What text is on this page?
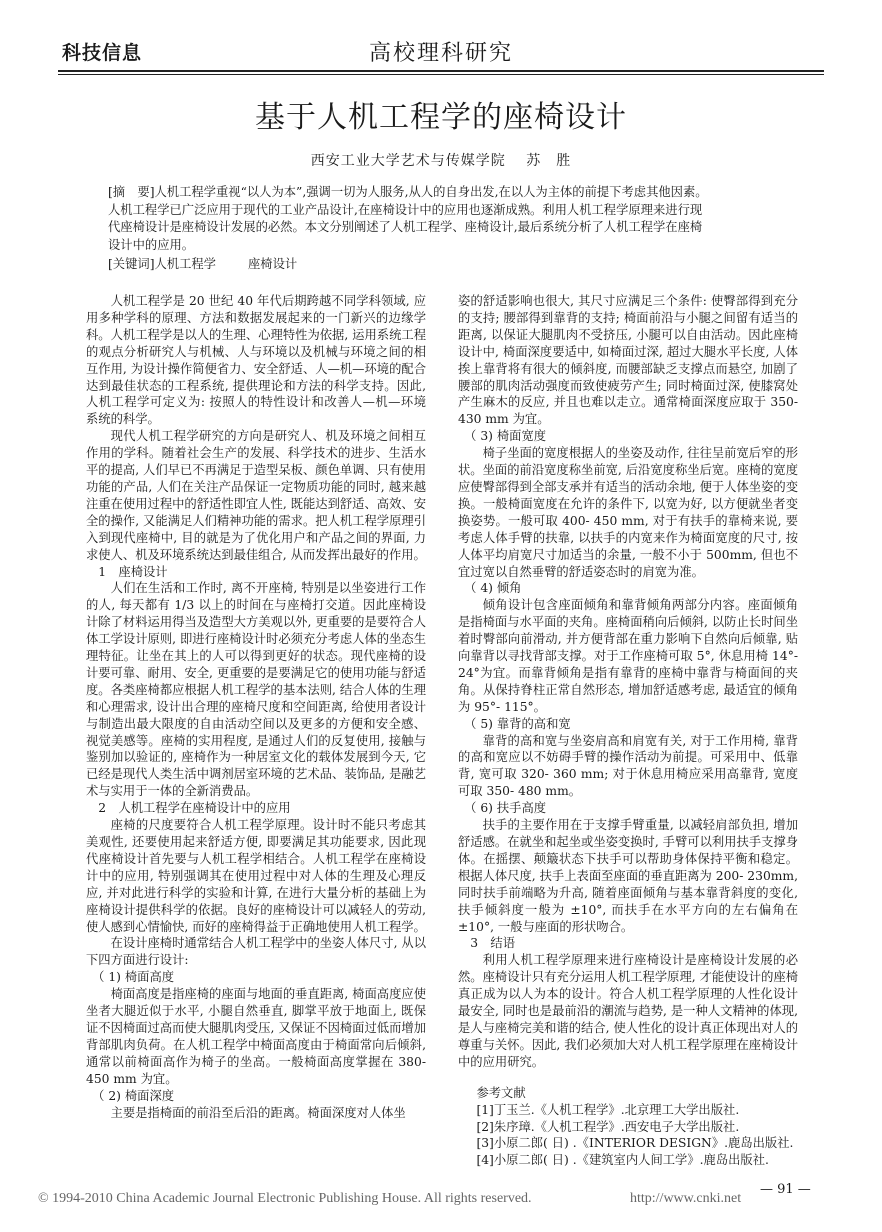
科技信息	高校理科研究
基于人机工程学的座椅设计
西安工业大学艺术与传媒学院　 苏　胜

[摘　要]人机工程学重视“以人为本”,强调一切为人服务,从人的自身出发,在以人为主体的前提下考虑其他因素。

人机工程学已广泛应用于现代的工业产品设计,在座椅设计中的应用也逐渐成熟。利用人机工程学原理来进行现

代座椅设计是座椅设计发展的必然。本文分别阐述了人机工程学、座椅设计,最后系统分析了人机工程学在座椅

设计中的应用。

[关键词]人机工程学	座椅设计

人机工程学是 20 世纪 40 年代后期跨越不同学科领域, 应用多种学科的原理、方法和数据发展起来的一门新兴的边缘学科。人机工程学是以人的生理、心理特性为依据, 运用系统工程的观点分析研究人与机械、人与环境以及机械与环境之间的相互作用, 为设计操作简便省力、安全舒适、人—机—环境的配合达到最佳状态的工程系统, 提供理论和方法的科学支持。因此, 人机工程学可定义为: 按照人的特性设计和改善人—机—环境系统的科学。

现代人机工程学研究的方向是研究人、机及环境之间相互作用的学科。随着社会生产的发展、科学技术的进步、生活水平的提高, 人们早已不再满足于造型呆板、颜色单调、只有使用功能的产品, 人们在关注产品保证一定物质功能的同时, 越来越注重在使用过程中的舒适性即宜人性, 既能达到舒适、高效、安全的操作, 又能满足人们精神功能的需求。把人机工程学原理引入到现代座椅中, 目的就是为了优化用户和产品之间的界面, 力求使人、机及环境系统达到最佳组合, 从而发挥出最好的作用。

1　座椅设计

人们在生活和工作时, 离不开座椅, 特别是以坐姿进行工作的人, 每天都有 1/3 以上的时间在与座椅打交道。因此座椅设计除了材料运用得当及造型大方美观以外, 更重要的是要符合人体工学设计原则, 即进行座椅设计时必须充分考虑人体的坐态生理特征。让坐在其上的人可以得到更好的状态。现代座椅的设计要可靠、耐用、安全, 更重要的是要满足它的使用功能与舒适度。各类座椅都应根据人机工程学的基本法则, 结合人体的生理和心理需求, 设计出合理的座椅尺度和空间距离, 给使用者设计与制造出最大限度的自由活动空间以及更多的方便和安全感、视觉美感等。座椅的实用程度, 是通过人们的反复使用, 接触与鉴别加以验证的, 座椅作为一种居室文化的载体发展到今天, 它已经是现代人类生活中调剂居室环境的艺术品、装饰品, 是融艺术与实用于一体的全新消费品。

2　人机工程学在座椅设计中的应用

座椅的尺度要符合人机工程学原理。设计时不能只考虑其美观性, 还要使用起来舒适方便, 即要满足其功能要求, 因此现代座椅设计首先要与人机工程学相结合。人机工程学在座椅设计中的应用, 特别强调其在使用过程中对人体的生理及心理反应, 并对此进行科学的实验和计算, 在进行大量分析的基础上为座椅设计提供科学的依据。良好的座椅设计可以减轻人的劳动, 使人感到心情愉快, 而好的座椅得益于正确地使用人机工程学。

在设计座椅时通常结合人机工程学中的坐姿人体尺寸, 从以下四方面进行设计:

（ 1) 椅面高度

椅面高度是指座椅的座面与地面的垂直距离, 椅面高度应使坐者大腿近似于水平, 小腿自然垂直, 脚掌平放于地面上, 既保证不因椅面过高而使大腿肌肉受压, 又保证不因椅面过低而增加背部肌肉负荷。在人机工程学中椅面高度由于椅面常向后倾斜, 通常以前椅面高作为椅子的坐高。一般椅面高度掌握在 380- 450 mm 为宜。

（ 2) 椅面深度

主要是指椅面的前沿至后沿的距离。椅面深度对人体坐

姿的舒适影响也很大, 其尺寸应满足三个条件: 使臀部得到充分的支持; 腰部得到靠背的支持; 椅面前沿与小腿之间留有适当的距离, 以保证大腿肌肉不受挤压, 小腿可以自由活动。因此座椅设计中, 椅面深度要适中, 如椅面过深, 超过大腿水平长度, 人体挨上靠背将有很大的倾斜度, 而腰部缺乏支撑点而悬空, 加剧了腰部的肌肉活动强度而致使疲劳产生; 同时椅面过深, 使膝窝处产生麻木的反应, 并且也难以走立。通常椅面深度应取于 350- 430 mm 为宜。

（ 3) 椅面宽度

椅子坐面的宽度根据人的坐姿及动作, 往往呈前宽后窄的形状。坐面的前沿宽度称坐前宽, 后沿宽度称坐后宽。座椅的宽度应使臀部得到全部支承并有适当的活动余地, 便于人体坐姿的变换。一般椅面宽度在允许的条件下, 以宽为好, 以方便就坐者变换姿势。一般可取 400- 450 mm, 对于有扶手的靠椅来说, 要考虑人体手臂的扶靠, 以扶手的内宽来作为椅面宽度的尺寸, 按人体平均肩宽尺寸加适当的余量, 一般不小于 500mm, 但也不宜过宽以自然垂臂的舒适姿态时的肩宽为准。

（ 4) 倾角

倾角设计包含座面倾角和靠背倾角两部分内容。座面倾角是指椅面与水平面的夹角。座椅面稍向后倾斜, 以防止长时间坐着时臀部向前滑动, 并方便背部在重力影响下自然向后倾靠, 贴向靠背以寻找背部支撑。对于工作座椅可取 5°, 休息用椅 14°- 24°为宜。而靠背倾角是指有靠背的座椅中靠背与椅面间的夹角。从保持脊柱正常自然形态, 增加舒适感考虑, 最适宜的倾角为 95°- 115°。

（ 5) 靠背的高和宽

靠背的高和宽与坐姿肩高和肩宽有关, 对于工作用椅, 靠背的高和宽应以不妨碍手臂的操作活动为前提。可采用中、低靠背, 宽可取 320- 360 mm; 对于休息用椅应采用高靠背, 宽度可取 350- 480 mm。

（ 6) 扶手高度

扶手的主要作用在于支撑手臂重量, 以减轻肩部负担, 增加舒适感。在就坐和起坐或坐姿变换时, 手臂可以利用扶手支撑身体。在摇摆、颠簸状态下扶手可以帮助身体保持平衡和稳定。根据人体尺度, 扶手上表面至座面的垂直距离为 200- 230mm, 同时扶手前端略为升高, 随着座面倾角与基本靠背斜度的变化, 扶手倾斜度一般为 ±10°, 而扶手在水平方向的左右偏角在 ±10°, 一般与座面的形状吻合。

3　结语

利用人机工程学原理来进行座椅设计是座椅设计发展的必然。座椅设计只有充分运用人机工程学原理, 才能使设计的座椅真正成为以人为本的设计。符合人机工程学原理的人性化设计最安全, 同时也是最前沿的潮流与趋势, 是一种人文精神的体现, 是人与座椅完美和谐的结合, 使人性化的设计真正体现出对人的尊重与关怀。因此, 我们必须加大对人机工程学原理在座椅设计中的应用研究。

参考文献

[1]丁玉兰.《人机工程学》.北京理工大学出版社.

[2]朱序璋.《人机工程学》.西安电子大学出版社.

[3]小原二郎( 日) .《INTERIOR DESIGN》.鹿岛出版社.

[4]小原二郎( 日) .《建筑室内人间工学》.鹿岛出版社.

© 1994-2010 China Academic Journal Electronic Publishing House. All rights reserved.	http://www.cnki.net
— 91 —
